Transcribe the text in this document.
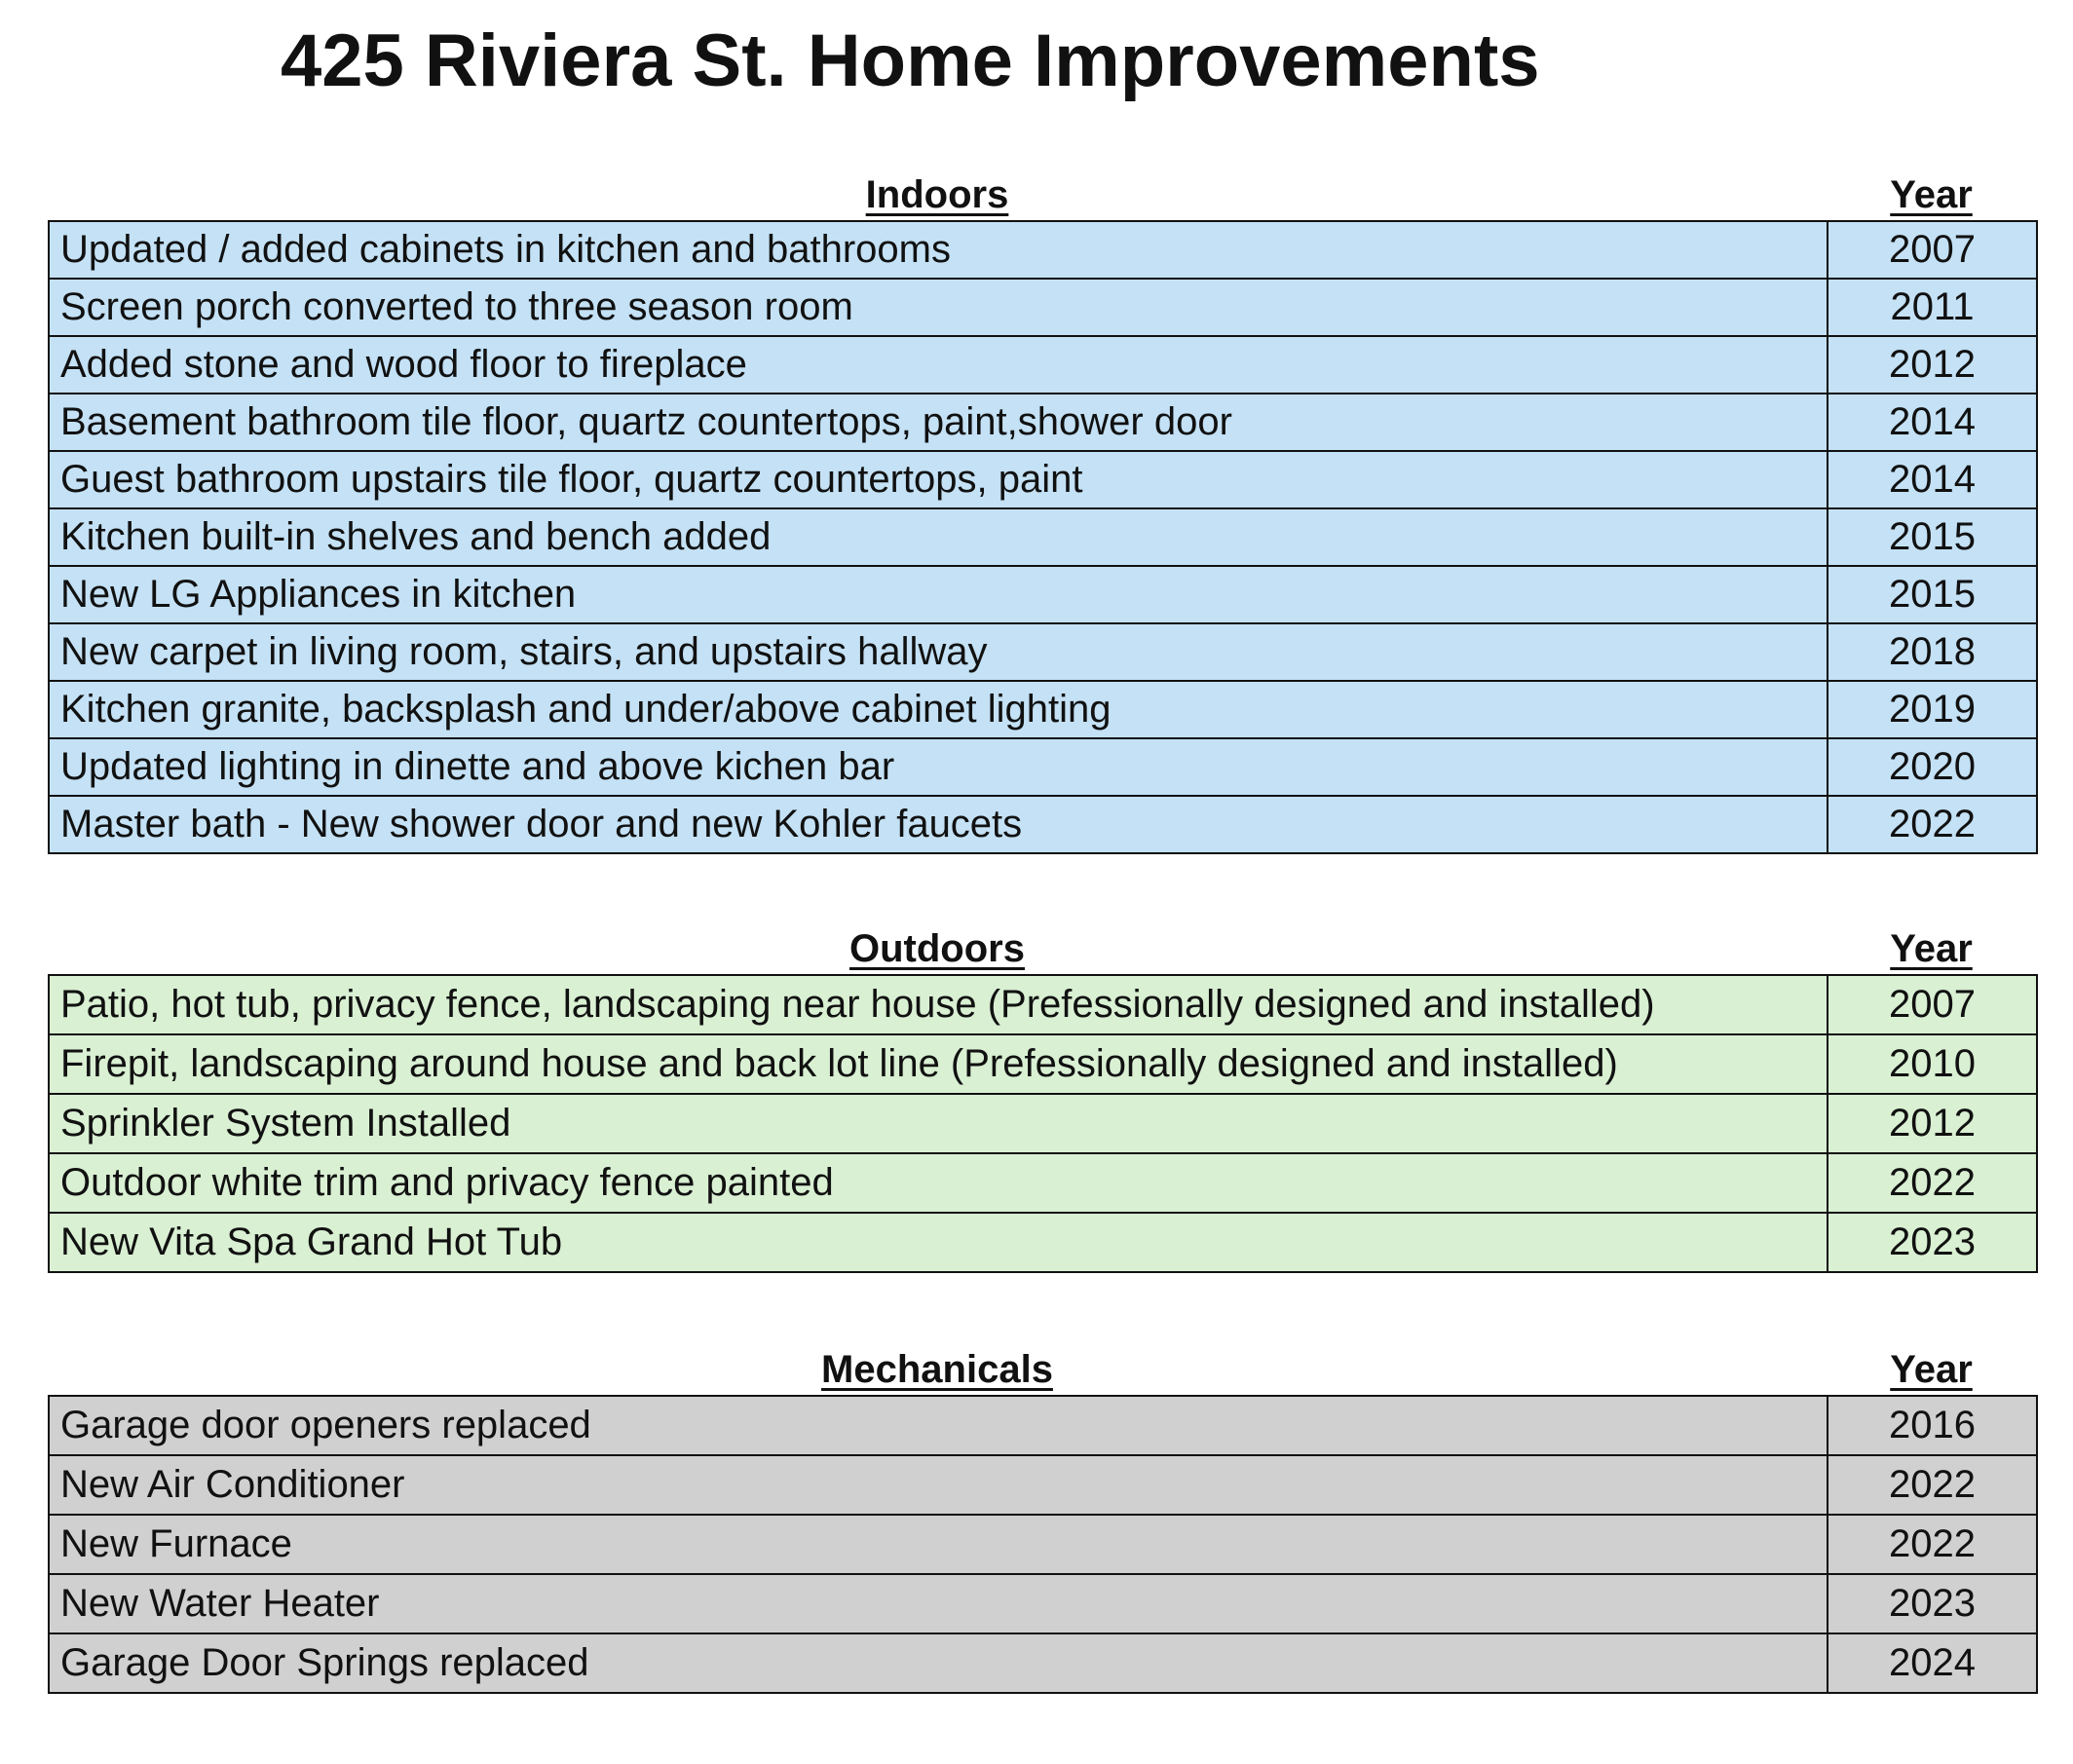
425 Riviera St. Home Improvements
Indoors	Year
Updated / added cabinets in kitchen and bathrooms	2007
Screen porch converted to three season room	2011
Added stone and wood floor to fireplace	2012
Basement bathroom tile floor, quartz countertops, paint,shower door	2014
Guest bathroom upstairs tile floor, quartz countertops, paint	2014
Kitchen built-in shelves and bench added	2015
New LG Appliances in kitchen	2015
New carpet in living room, stairs, and upstairs hallway	2018
Kitchen granite, backsplash and under/above cabinet lighting	2019
Updated lighting in dinette and above kichen bar	2020
Master bath - New shower door and new Kohler faucets	2022
Outdoors	Year
Patio, hot tub, privacy fence, landscaping near house (Prefessionally designed and installed)	2007
Firepit, landscaping around house and back lot line (Prefessionally designed and installed)	2010
Sprinkler System Installed	2012
Outdoor white trim and privacy fence painted	2022
New Vita Spa Grand Hot Tub	2023
Mechanicals	Year
Garage door openers replaced	2016
New Air Conditioner	2022
New Furnace	2022
New Water Heater	2023
Garage Door Springs replaced	2024
